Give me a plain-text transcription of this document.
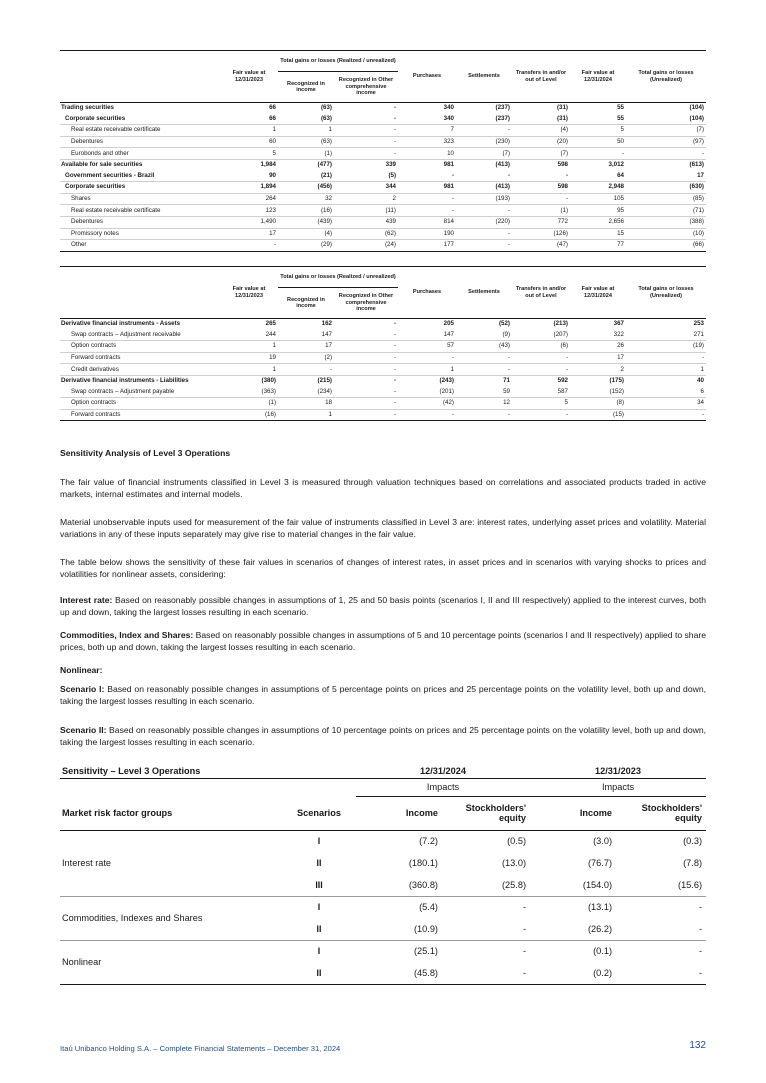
	Fair value at 12/31/2023	Total gains or losses (Realized / unrealized)		Purchases	Settlements	Transfers in and/or out of Level	Fair value at 12/31/2024	Total gains or losses (Unrealized)
		Recognized in income	Recognized in Other comprehensive income					
Trading securities	66	(63)	-	340	(237)	(31)	55	(104)
Corporate securities	66	(63)	-	340	(237)	(31)	55	(104)
Real estate receivable certificate	1	1	-	7	-	(4)	5	(7)
Debentures	60	(63)	-	323	(230)	(20)	50	(97)
Eurobonds and other	5	(1)	-	10	(7)	(7)	-	-
Available for sale securities	1,984	(477)	339	981	(413)	598	3,012	(613)
Government securities - Brazil	90	(21)	(5)	-	-	-	64	17
Corporate securities	1,894	(456)	344	981	(413)	598	2,948	(630)
Shares	264	32	2	-	(193)	-	105	(85)
Real estate receivable certificate	123	(16)	(11)	-	-	(1)	95	(71)
Debentures	1,490	(439)	439	814	(220)	772	2,656	(388)
Promissory notes	17	(4)	(62)	190	-	(126)	15	(10)
Other	-	(29)	(24)	177	-	(47)	77	(66)
	Fair value at 12/31/2023	Total gains or losses (Realized / unrealized)		Purchases	Settlements	Transfers in and/or out of Level	Fair value at 12/31/2024	Total gains or losses (Unrealized)
		Recognized in income	Recognized in Other comprehensive income					
Derivative financial instruments - Assets	265	162	-	205	(52)	(213)	367	253
Swap contracts – Adjustment receivable	244	147	-	147	(9)	(207)	322	271
Option contracts	1	17	-	57	(43)	(6)	26	(19)
Forward contracts	19	(2)	-	-	-	-	17	-
Credit derivatives	1	-	-	1	-	-	2	1
Derivative financial instruments - Liabilities	(380)	(215)	-	(243)	71	592	(175)	40
Swap contracts – Adjustment payable	(363)	(234)	-	(201)	59	587	(152)	6
Option contracts	(1)	18	-	(42)	12	5	(8)	34
Forward contracts	(16)	1	-	-	-	-	(15)	-
Sensitivity Analysis of Level 3 Operations
The fair value of financial instruments classified in Level 3 is measured through valuation techniques based on correlations and associated products traded in active markets, internal estimates and internal models.
Material unobservable inputs used for measurement of the fair value of instruments classified in Level 3 are: interest rates, underlying asset prices and volatility. Material variations in any of these inputs separately may give rise to material changes in the fair value.
The table below shows the sensitivity of these fair values in scenarios of changes of interest rates, in asset prices and in scenarios with varying shocks to prices and volatilities for nonlinear assets, considering:
Interest rate: Based on reasonably possible changes in assumptions of 1, 25 and 50 basis points (scenarios I, II and III respectively) applied to the interest curves, both up and down, taking the largest losses resulting in each scenario.
Commodities, Index and Shares: Based on reasonably possible changes in assumptions of 5 and 10 percentage points (scenarios I and II respectively) applied to share prices, both up and down, taking the largest losses resulting in each scenario.
Nonlinear:
Scenario I: Based on reasonably possible changes in assumptions of 5 percentage points on prices and 25 percentage points on the volatility level, both up and down, taking the largest losses resulting in each scenario.
Scenario II: Based on reasonably possible changes in assumptions of 10 percentage points on prices and 25 percentage points on the volatility level, both up and down, taking the largest losses resulting in each scenario.
Sensitivity – Level 3 Operations		12/31/2024		12/31/2023	
		Impacts		Impacts	
Market risk factor groups	Scenarios	Income	Stockholders' equity	Income	Stockholders' equity
Interest rate	I	(7.2)	(0.5)	(3.0)	(0.3)
	II	(180.1)	(13.0)	(76.7)	(7.8)
	III	(360.8)	(25.8)	(154.0)	(15.6)
Commodities, Indexes and Shares	I	(5.4)	-	(13.1)	-
	II	(10.9)	-	(26.2)	-
Nonlinear	I	(25.1)	-	(0.1)	-
	II	(45.8)	-	(0.2)	-
Itaú Unibanco Holding S.A. – Complete Financial Statements – December 31, 2024	132
